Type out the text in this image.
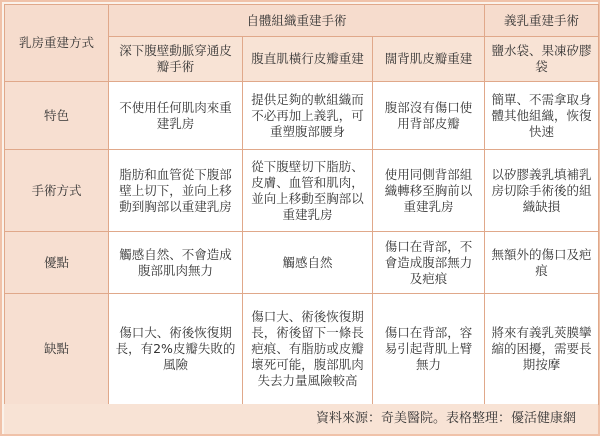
乳房重建方式	自體組織重建手術			義乳重建手術
	深下腹壁動脈穿通皮瓣手術	腹直肌橫行皮瓣重建	闊背肌皮瓣重建	鹽水袋、果凍矽膠袋
特色	不使用任何肌肉來重建乳房	提供足夠的軟組織而不必再加上義乳，可重塑腹部腰身	腹部沒有傷口使用背部皮瓣	簡單、不需拿取身體其他組織，恢復快速
手術方式	脂肪和血管從下腹部壁上切下，並向上移動到胸部以重建乳房	從下腹壁切下脂肪、皮膚、血管和肌肉，並向上移動至胸部以重建乳房	使用同側背部組織轉移至胸前以重建乳房	以矽膠義乳填補乳房切除手術後的組織缺損
優點	觸感自然、不會造成腹部肌肉無力	觸感自然	傷口在背部，不會造成腹部無力及疤痕	無額外的傷口及疤痕
缺點	傷口大、術後恢復期長，有2%皮瓣失敗的風險	傷口大、術後恢復期長，術後留下一條長疤痕、有脂肪或皮瓣壞死可能，腹部肌肉失去力量風險較高	傷口在背部，容易引起背肌上臂無力	將來有義乳莢膜攣縮的困擾，需要長期按摩
資料來源：奇美醫院。表格整理：優活健康網
